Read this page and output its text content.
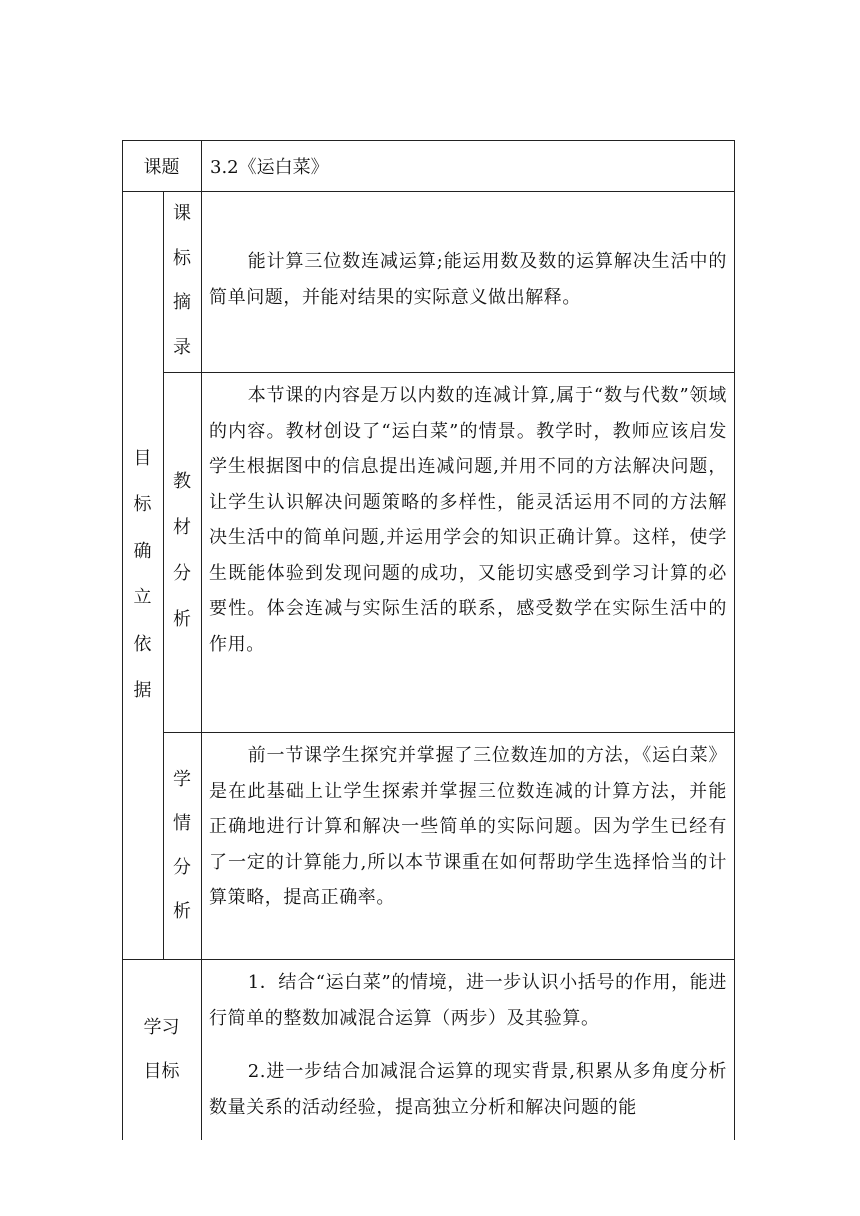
课题	3.2《运白菜》
目
标
确
立
依
据
课
标
摘
录

能计算三位数连减运算;能运用数及数的运算解决生活中的简单问题，并能对结果的实际意义做出解释。

教
材
分
析

本节课的内容是万以内数的连减计算,属于“数与代数”领域的内容。教材创设了“运白菜”的情景。教学时，教师应该启发学生根据图中的信息提出连减问题,并用不同的方法解决问题，让学生认识解决问题策略的多样性，能灵活运用不同的方法解决生活中的简单问题,并运用学会的知识正确计算。这样，使学生既能体验到发现问题的成功，又能切实感受到学习计算的必要性。体会连减与实际生活的联系，感受数学在实际生活中的作用。

学
情
分
析

前一节课学生探究并掌握了三位数连加的方法，《运白菜》是在此基础上让学生探索并掌握三位数连减的计算方法，并能正确地进行计算和解决一些简单的实际问题。因为学生已经有了一定的计算能力,所以本节课重在如何帮助学生选择恰当的计算策略，提高正确率。

学习
目标

1．结合“运白菜”的情境，进一步认识小括号的作用，能进行简单的整数加减混合运算（两步）及其验算。

2.进一步结合加减混合运算的现实背景,积累从多角度分析数量关系的活动经验，提高独立分析和解决问题的能
